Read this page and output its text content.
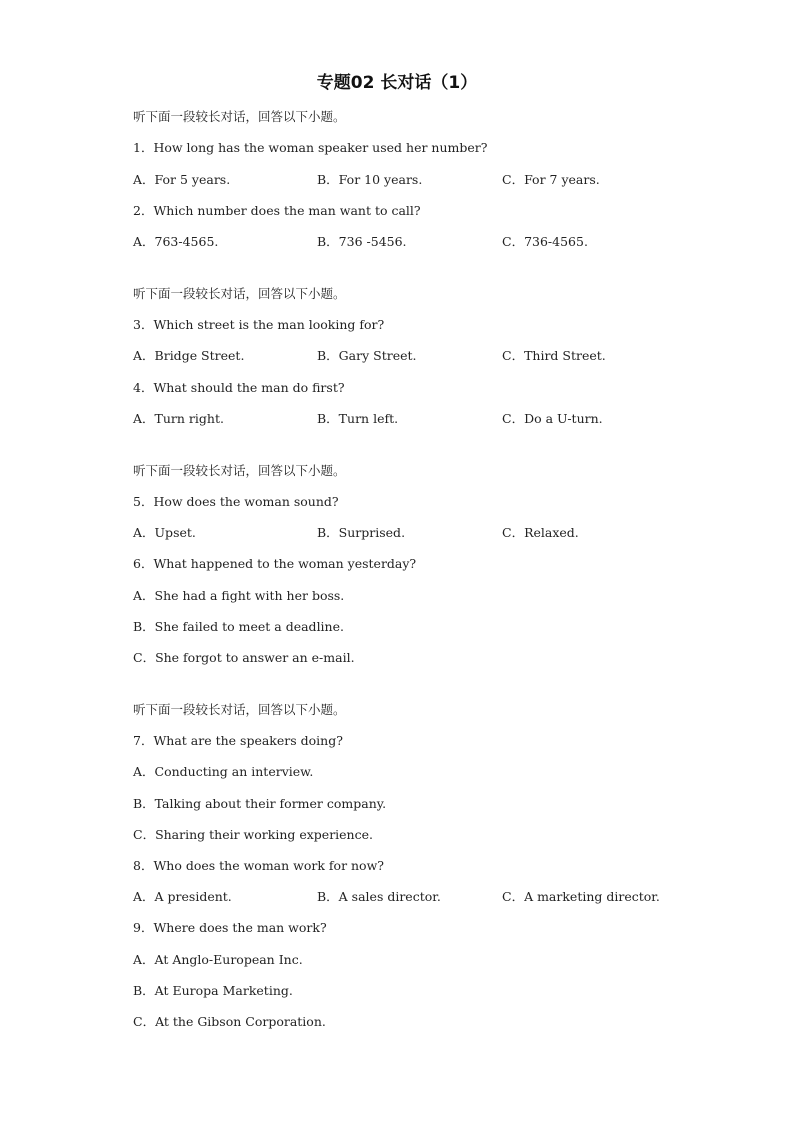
专题02 长对话（1）
听下面一段较长对话，回答以下小题。
1．How long has the woman speaker used her number?
A．For 5 years.	B．For 10 years.	C．For 7 years.
2．Which number does the man want to call?
A．763-4565.	B．736 -5456.	C．736-4565.
听下面一段较长对话，回答以下小题。
3．Which street is the man looking for?
A．Bridge Street.	B．Gary Street.	C．Third Street.
4．What should the man do first?
A．Turn right.	B．Turn left.	C．Do a U-turn.
听下面一段较长对话，回答以下小题。
5．How does the woman sound?
A．Upset.	B．Surprised.	C．Relaxed.
6．What happened to the woman yesterday?
A．She had a fight with her boss.
B．She failed to meet a deadline.
C．She forgot to answer an e-mail.
听下面一段较长对话，回答以下小题。
7．What are the speakers doing?
A．Conducting an interview.
B．Talking about their former company.
C．Sharing their working experience.
8．Who does the woman work for now?
A．A president.	B．A sales director.	C．A marketing director.
9．Where does the man work?
A．At Anglo-European Inc.
B．At Europa Marketing.
C．At the Gibson Corporation.
